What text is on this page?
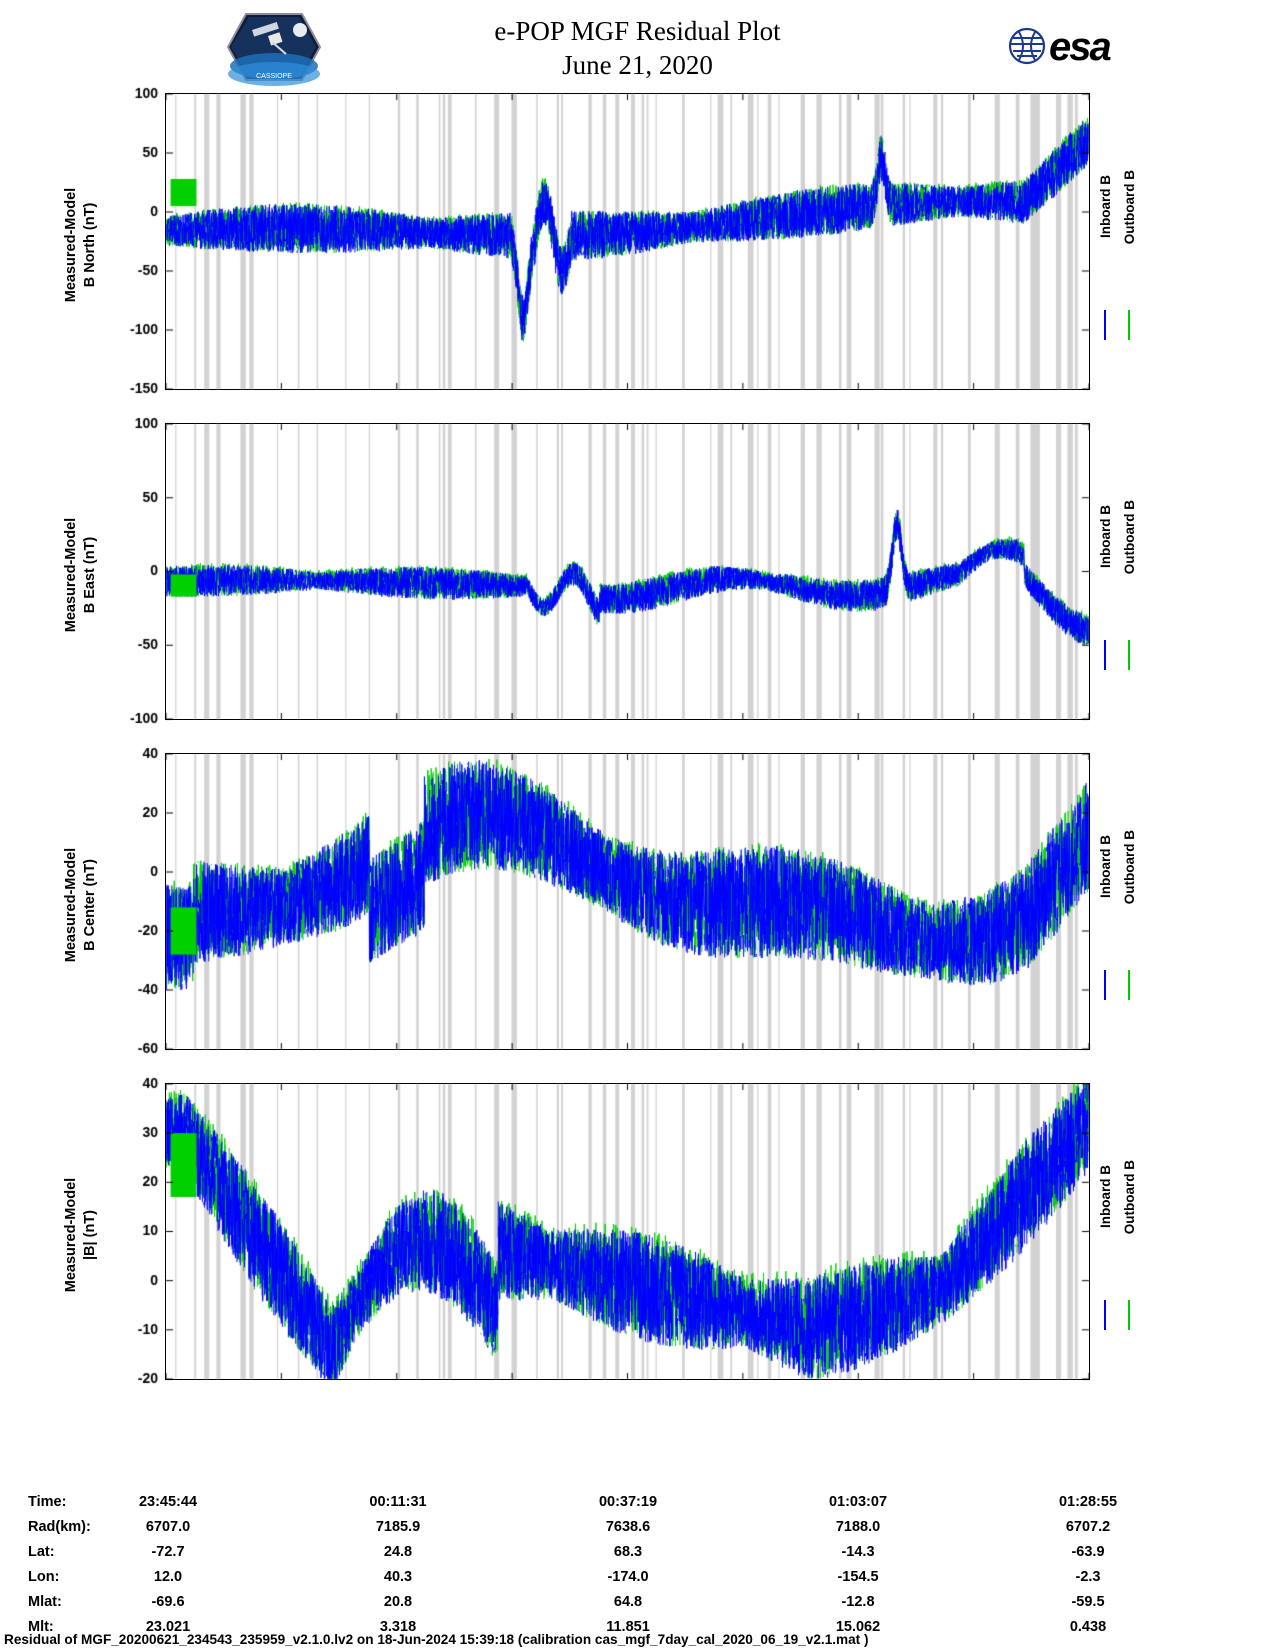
Time:	23:45:44	00:11:31	00:37:19	01:03:07	01:28:55
Rad(km):	6707.0	7185.9	7638.6	7188.0	6707.2
Lat:	-72.7	24.8	68.3	-14.3	-63.9
Lon:	12.0	40.3	-174.0	-154.5	-2.3
Mlat:	-69.6	20.8	64.8	-12.8	-59.5
Mlt:	23.021	3.318	11.851	15.062	0.438
Residual of MGF_20200621_234543_235959_v2.1.0.lv2 on 18-Jun-2024 15:39:18 (calibration cas_mgf_7day_cal_2020_06_19_v2.1.mat )
